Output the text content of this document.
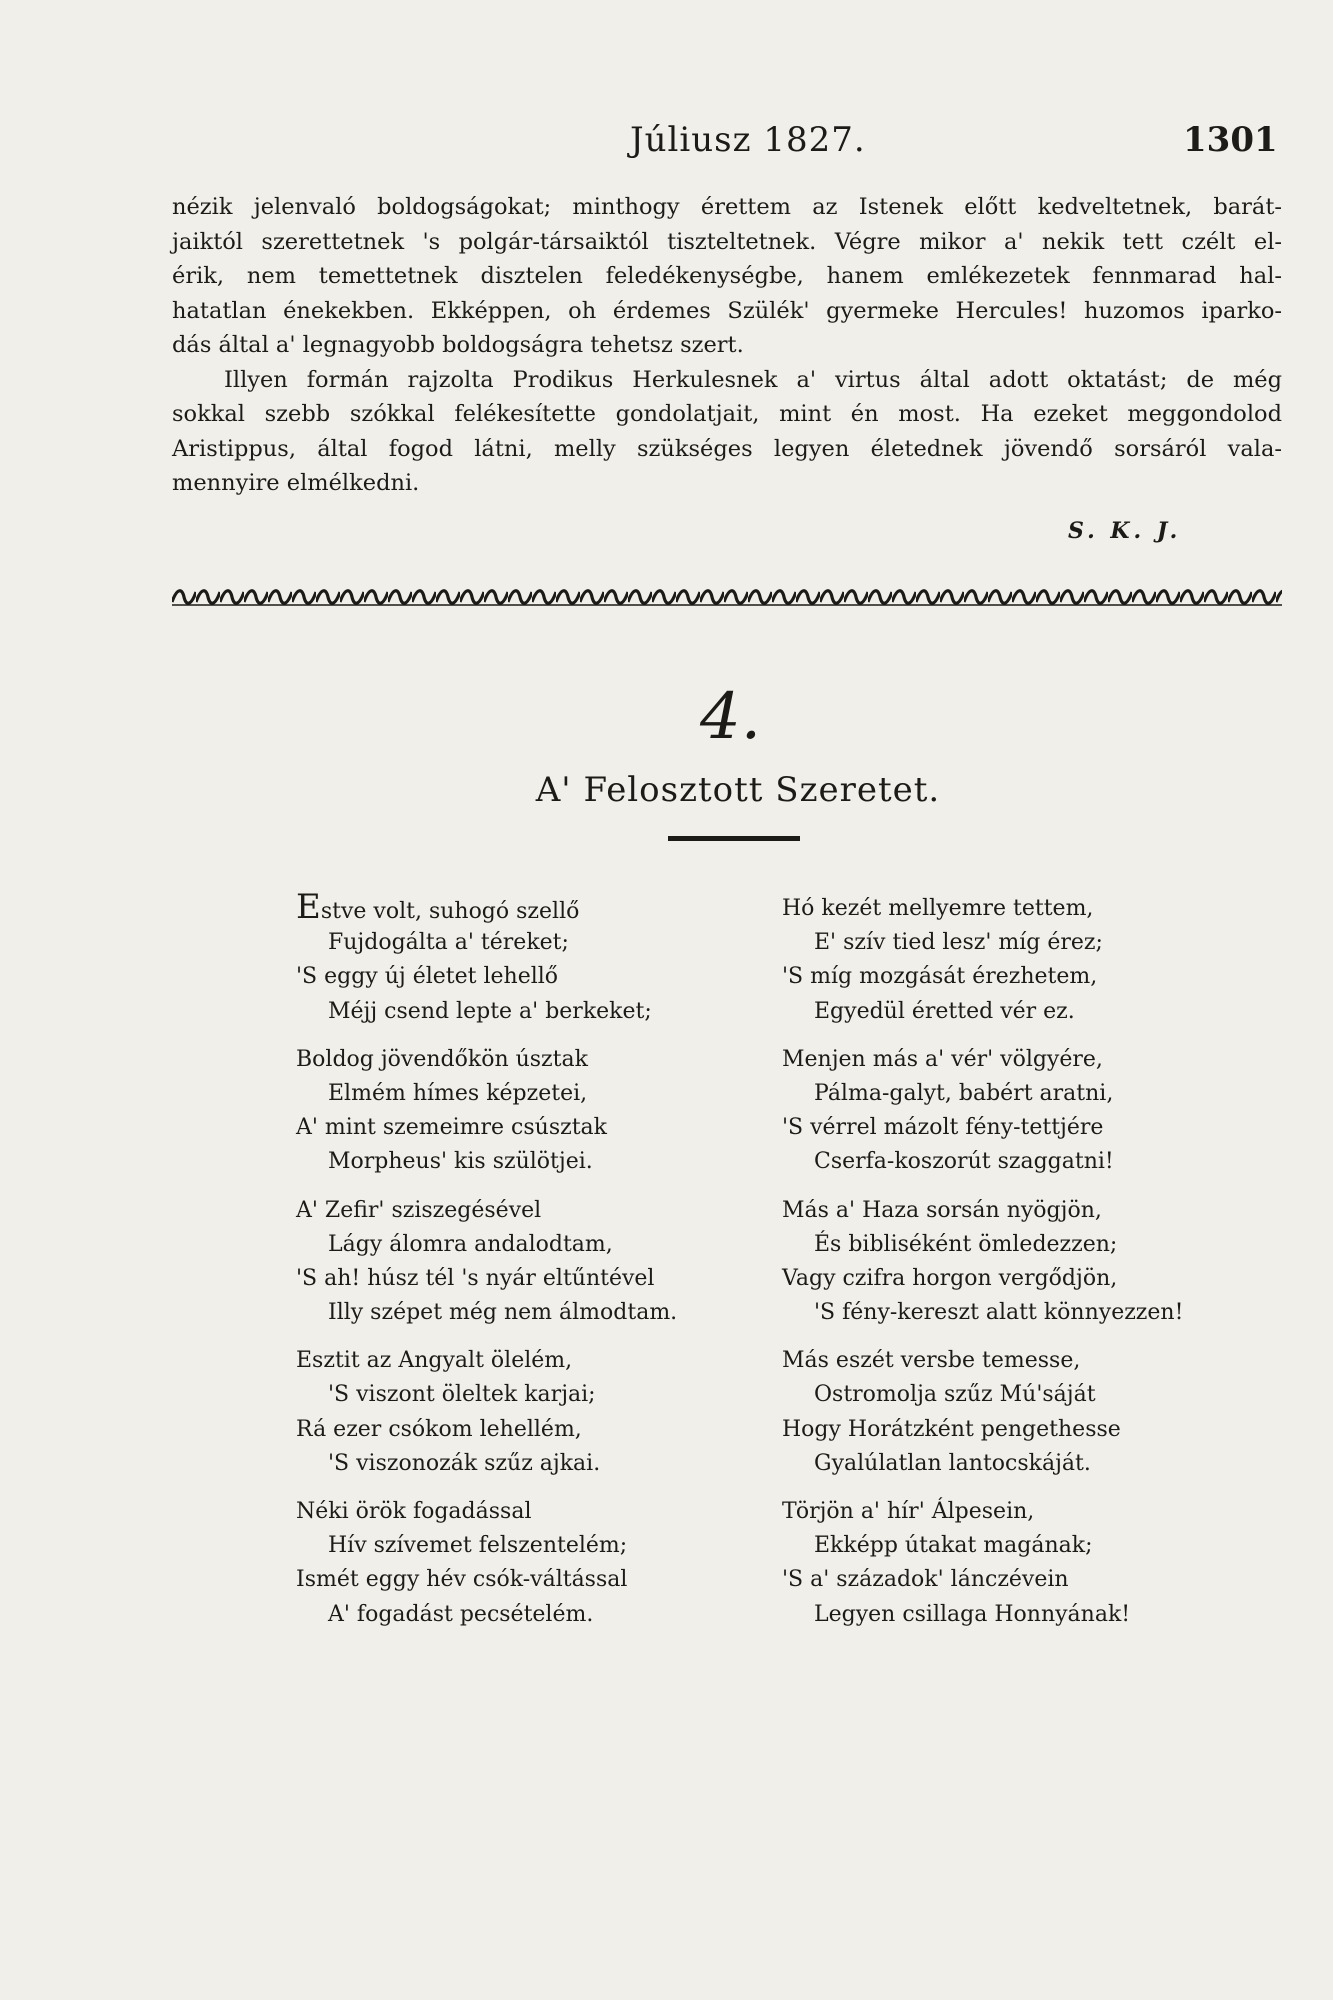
Júliusz 1827.	1301
nézik jelenvaló boldogságokat; minthogy érettem az Istenek előtt kedveltetnek, barát-
jaiktól szerettetnek 's polgár-társaiktól tiszteltetnek. Végre mikor a' nekik tett czélt el-
érik, nem temettetnek disztelen feledékenységbe, hanem emlékezetek fennmarad hal-
hatatlan énekekben. Ekképpen, oh érdemes Szülék' gyermeke Hercules! huzomos iparko-
dás által a' legnagyobb boldogságra tehetsz szert.
Illyen formán rajzolta Prodikus Herkulesnek a' virtus által adott oktatást; de még
sokkal szebb szókkal felékesítette gondolatjait, mint én most. Ha ezeket meggondolod
Aristippus, által fogod látni, melly szükséges legyen életednek jövendő sorsáról vala-
mennyire elmélkedni.
S. K. J.
4.
A' Felosztott Szeretet.
Estve volt, suhogó szellő
Fujdogálta a' téreket;
'S eggy új életet lehellő
Méjj csend lepte a' berkeket;
Boldog jövendőkön úsztak
Elmém hímes képzetei,
A' mint szemeimre csúsztak
Morpheus' kis szülötjei.
A' Zefir' sziszegésével
Lágy álomra andalodtam,
'S ah! húsz tél 's nyár eltűntével
Illy szépet még nem álmodtam.
Esztit az Angyalt ölelém,
'S viszont öleltek karjai;
Rá ezer csókom lehellém,
'S viszonozák szűz ajkai.
Néki örök fogadással
Hív szívemet felszentelém;
Ismét eggy hév csók-váltással
A' fogadást pecsételém.
Hó kezét mellyemre tettem,
E' szív tied lesz' míg érez;
'S míg mozgását érezhetem,
Egyedül éretted vér ez.
Menjen más a' vér' völgyére,
Pálma-galyt, babért aratni,
'S vérrel mázolt fény-tettjére
Cserfa-koszorút szaggatni!
Más a' Haza sorsán nyögjön,
És bibliséként ömledezzen;
Vagy czifra horgon vergődjön,
'S fény-kereszt alatt könnyezzen!
Más eszét versbe temesse,
Ostromolja szűz Mú'sáját
Hogy Horátzként pengethesse
Gyalúlatlan lantocskáját.
Törjön a' hír' Álpesein,
Ekképp útakat magának;
'S a' századok' lánczévein
Legyen csillaga Honnyának!
